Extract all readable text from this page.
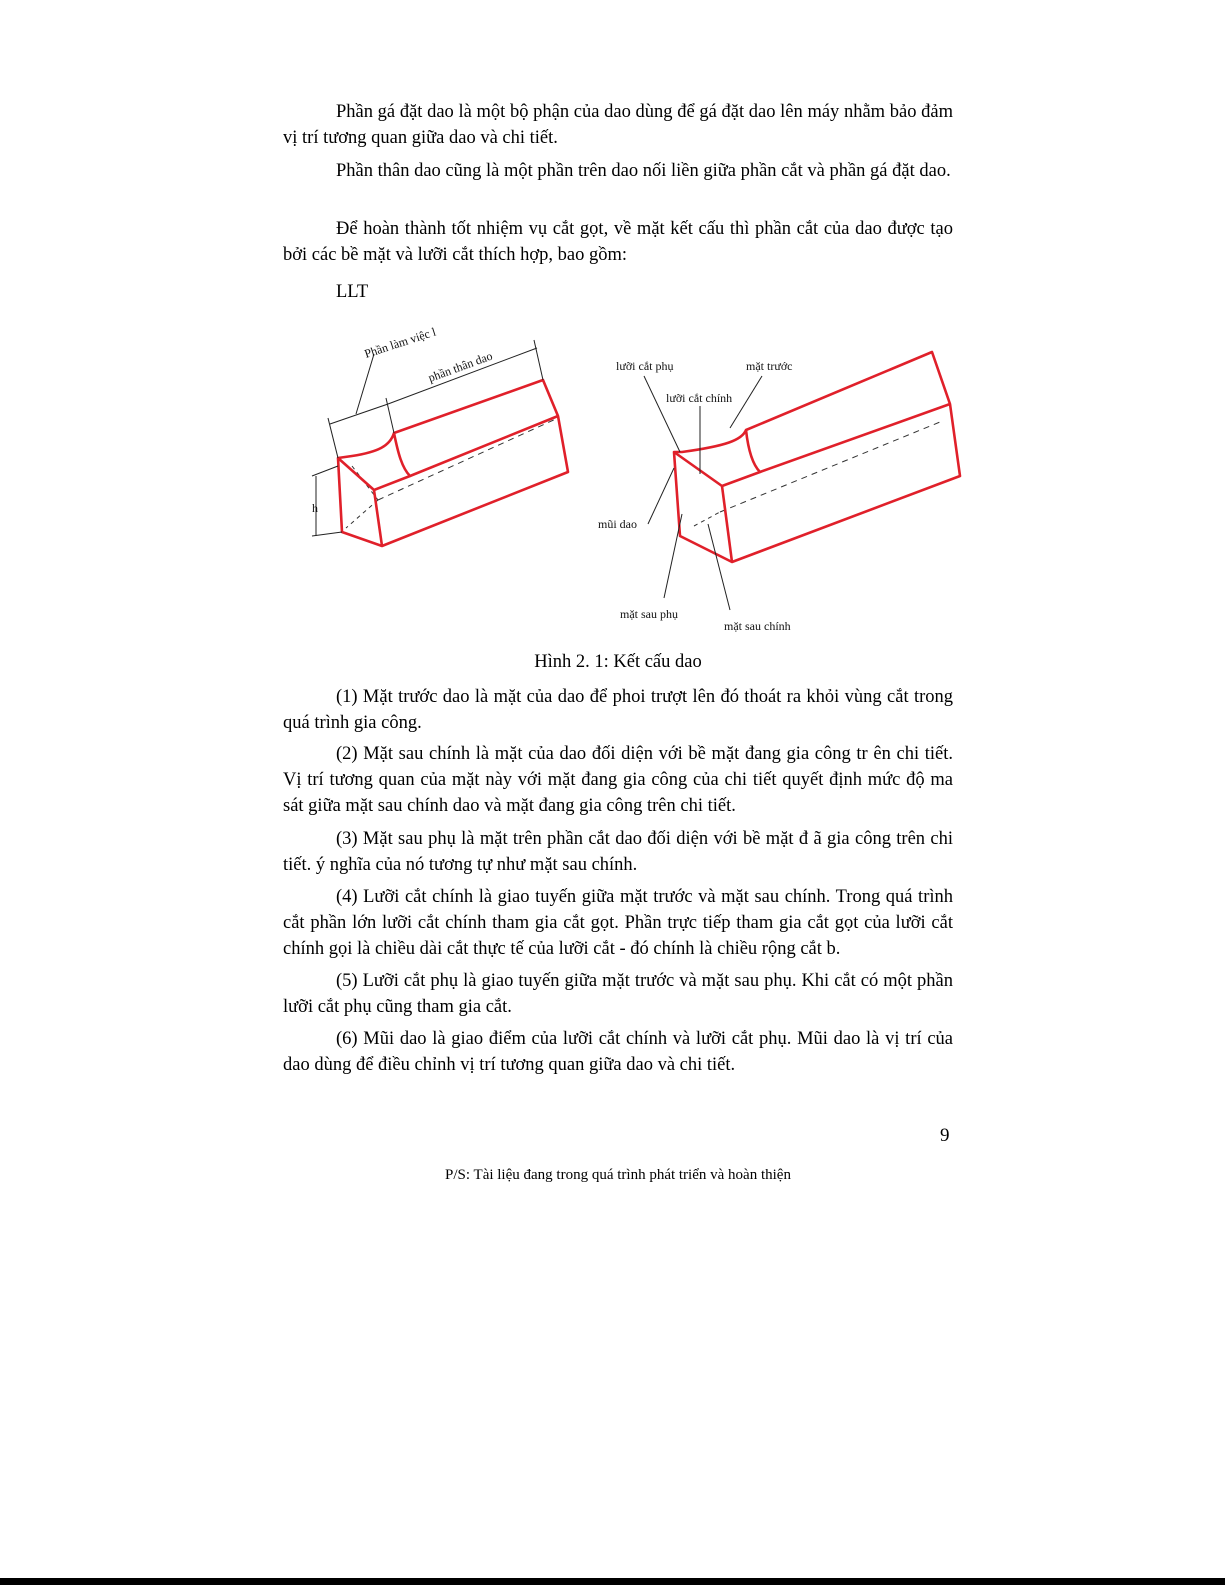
Phần gá đặt dao là một bộ phận của dao dùng để gá đặt dao lên máy nhằm bảo đảm vị trí tương quan giữa dao và chi tiết.

Phần thân dao cũng là một phần trên dao nối liền giữa phần cắt và phần gá đặt dao.

Để hoàn thành tốt nhiệm vụ cắt gọt, về mặt kết cấu thì phần cắt của dao được tạo bởi các bề mặt và lưỡi cắt thích hợp, bao gồm:

LLT
Phần làm việc l
phần thân dao
h
lưỡi cắt phụ	mặt trước
lưỡi cắt chính
mũi dao
mặt sau phụ
mặt sau chính
Hình 2. 1: Kết cấu dao

(1) Mặt trước dao là mặt của dao để phoi trượt lên đó thoát ra khỏi vùng cắt trong quá trình gia công.

(2) Mặt sau chính là mặt của dao đối diện với bề mặt đang gia công tr ên chi tiết. Vị trí tương quan của mặt này với mặt đang gia công của chi tiết quyết định mức độ ma sát giữa mặt sau chính dao và mặt đang gia công trên chi tiết.

(3) Mặt sau phụ là mặt trên phần cắt dao đối diện với bề mặt đ ã gia công trên chi tiết. ý nghĩa của nó tương tự như mặt sau chính.

(4) Lưỡi cắt chính là giao tuyến giữa mặt trước và mặt sau chính. Trong quá trình cắt phần lớn lưỡi cắt chính tham gia cắt gọt. Phần trực tiếp tham gia cắt gọt của lưỡi cắt chính gọi là chiều dài cắt thực tế của lưỡi cắt - đó chính là chiều rộng cắt b.

(5) Lưỡi cắt phụ là giao tuyến giữa mặt trước và mặt sau phụ. Khi cắt có một phần lưỡi cắt phụ cũng tham gia cắt.

(6) Mũi dao là giao điểm của lưỡi cắt chính và lưỡi cắt phụ. Mũi dao là vị trí của dao dùng để điều chỉnh vị trí tương quan giữa dao và chi tiết.

9
P/S: Tài liệu đang trong quá trình phát triển và hoàn thiện
